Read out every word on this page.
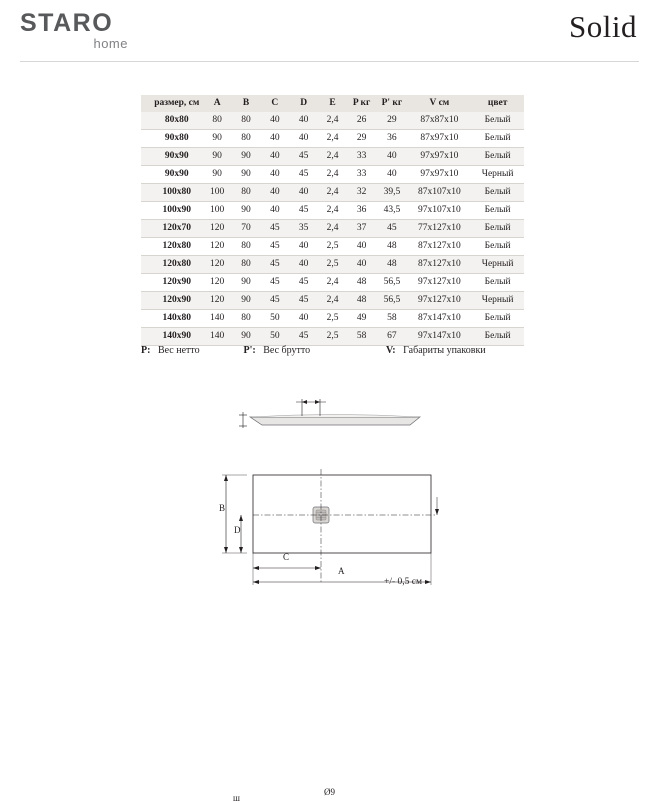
STARO
home	Solid
размер, см	A	B	C	D	E	P кг	P' кг	V см	цвет
80x80	80	80	40	40	2,4	26	29	87x87x10	Белый
90x80	90	80	40	40	2,4	29	36	87x97x10	Белый
90x90	90	90	40	45	2,4	33	40	97x97x10	Белый
90x90	90	90	40	45	2,4	33	40	97x97x10	Черный
100x80	100	80	40	40	2,4	32	39,5	87x107x10	Белый
100x90	100	90	40	45	2,4	36	43,5	97x107x10	Белый
120x70	120	70	45	35	2,4	37	45	77x127x10	Белый
120x80	120	80	45	40	2,5	40	48	87x127x10	Белый
120x80	120	80	45	40	2,5	40	48	87x127x10	Черный
120x90	120	90	45	45	2,4	48	56,5	97x127x10	Белый
120x90	120	90	45	45	2,4	48	56,5	97x127x10	Черный
140x80	140	80	50	40	2,5	49	58	87x147x10	Белый
140x90	140	90	50	45	2,5	58	67	97x147x10	Белый
P: Вес нетто	P': Вес брутто	V: Габариты упаковки
ш
Ø9
B
D
C
A
+/- 0,5 см
